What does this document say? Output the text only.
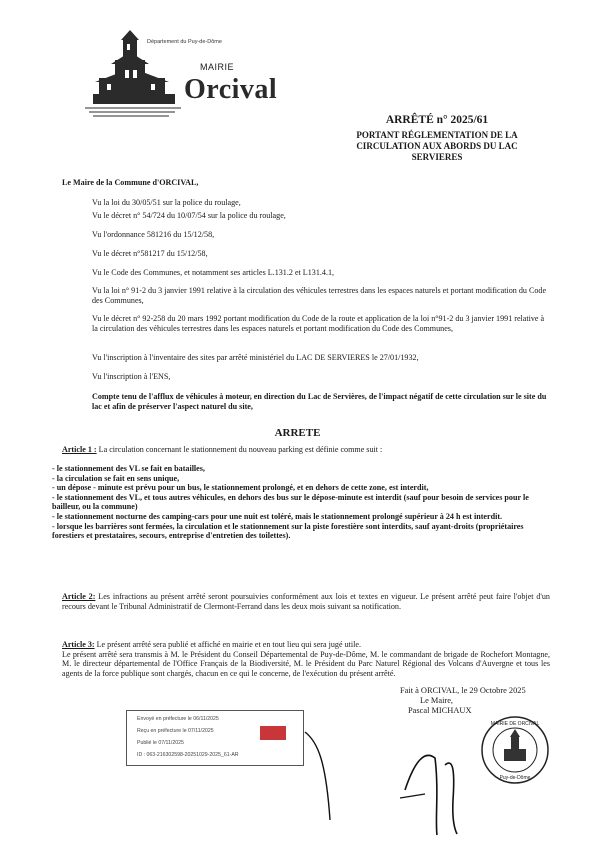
Département du Puy-de-Dôme
MAIRIE
Orcival
ARRÊTÉ n° 2025/61
PORTANT RÉGLEMENTATION DE LA
CIRCULATION AUX ABORDS DU LAC
SERVIERES
Le Maire de la Commune d'ORCIVAL,
Vu la loi du 30/05/51 sur la police du roulage,
Vu le décret n° 54/724 du 10/07/54 sur la police du roulage,
Vu l'ordonnance 581216 du 15/12/58,
Vu le décret n°581217 du 15/12/58,
Vu le Code des Communes, et notamment ses articles L.131.2 et L131.4.1,
Vu la loi n° 91-2 du 3 janvier 1991 relative à la circulation des véhicules terrestres dans les espaces naturels et portant modification du Code des Communes,
Vu le décret n° 92-258 du 20 mars 1992 portant modification du Code de la route et application de la loi n°91-2 du 3 janvier 1991 relative à la circulation des véhicules terrestres dans les espaces naturels et portant modification du Code des Communes,
Vu l'inscription à l'inventaire des sites par arrêté ministériel du LAC DE SERVIERES le 27/01/1932,
Vu l'inscription à l'ENS,
Compte tenu de l'afflux de véhicules à moteur, en direction du Lac de Servières, de l'impact négatif de cette circulation sur le site du lac et afin de préserver l'aspect naturel du site,
ARRETE
Article 1 : La circulation concernant le stationnement du nouveau parking est définie comme suit :
- le stationnement des VL se fait en batailles,
- la circulation se fait en sens unique,
- un dépose - minute est prévu pour un bus, le stationnement prolongé, et en dehors de cette zone, est interdit,
- le stationnement des VL, et tous autres véhicules, en dehors des bus sur le dépose-minute est interdit (sauf pour besoin de services pour le bailleur, ou la commune)
- le stationnement nocturne des camping-cars pour une nuit est toléré, mais le stationnement prolongé supérieur à 24 h est interdit.
- lorsque les barrières sont fermées, la circulation et le stationnement sur la piste forestière sont interdits, sauf ayant-droits (propriétaires forestiers et prestataires, secours, entreprise d'entretien des toilettes).
Article 2: Les infractions au présent arrêté seront poursuivies conformément aux lois et textes en vigueur. Le présent arrêté peut faire l'objet d'un recours devant le Tribunal Administratif de Clermont-Ferrand dans les deux mois suivant sa notification.
Article 3: Le présent arrêté sera publié et affiché en mairie et en tout lieu qui sera jugé utile.
Le présent arrêté sera transmis à M. le Président du Conseil Départemental de Puy-de-Dôme, M. le commandant de brigade de Rochefort Montagne, M. le directeur départemental de l'Office Français de la Biodiversité, M. le Président du Parc Naturel Régional des Volcans d'Auvergne et tous les agents de la force publique sont chargés, chacun en ce qui le concerne, de l'exécution du présent arrêté.
Fait à ORCIVAL, le 29 Octobre 2025
Le Maire,
Pascal MICHAUX
Envoyé en préfecture le 06/11/2025
Reçu en préfecture le 07/11/2025
Publié le 07/11/2025
ID : 063-216302598-20251029-2025_61-AR
MAIRIE DE ORCIVAL
Puy-de-Dôme
